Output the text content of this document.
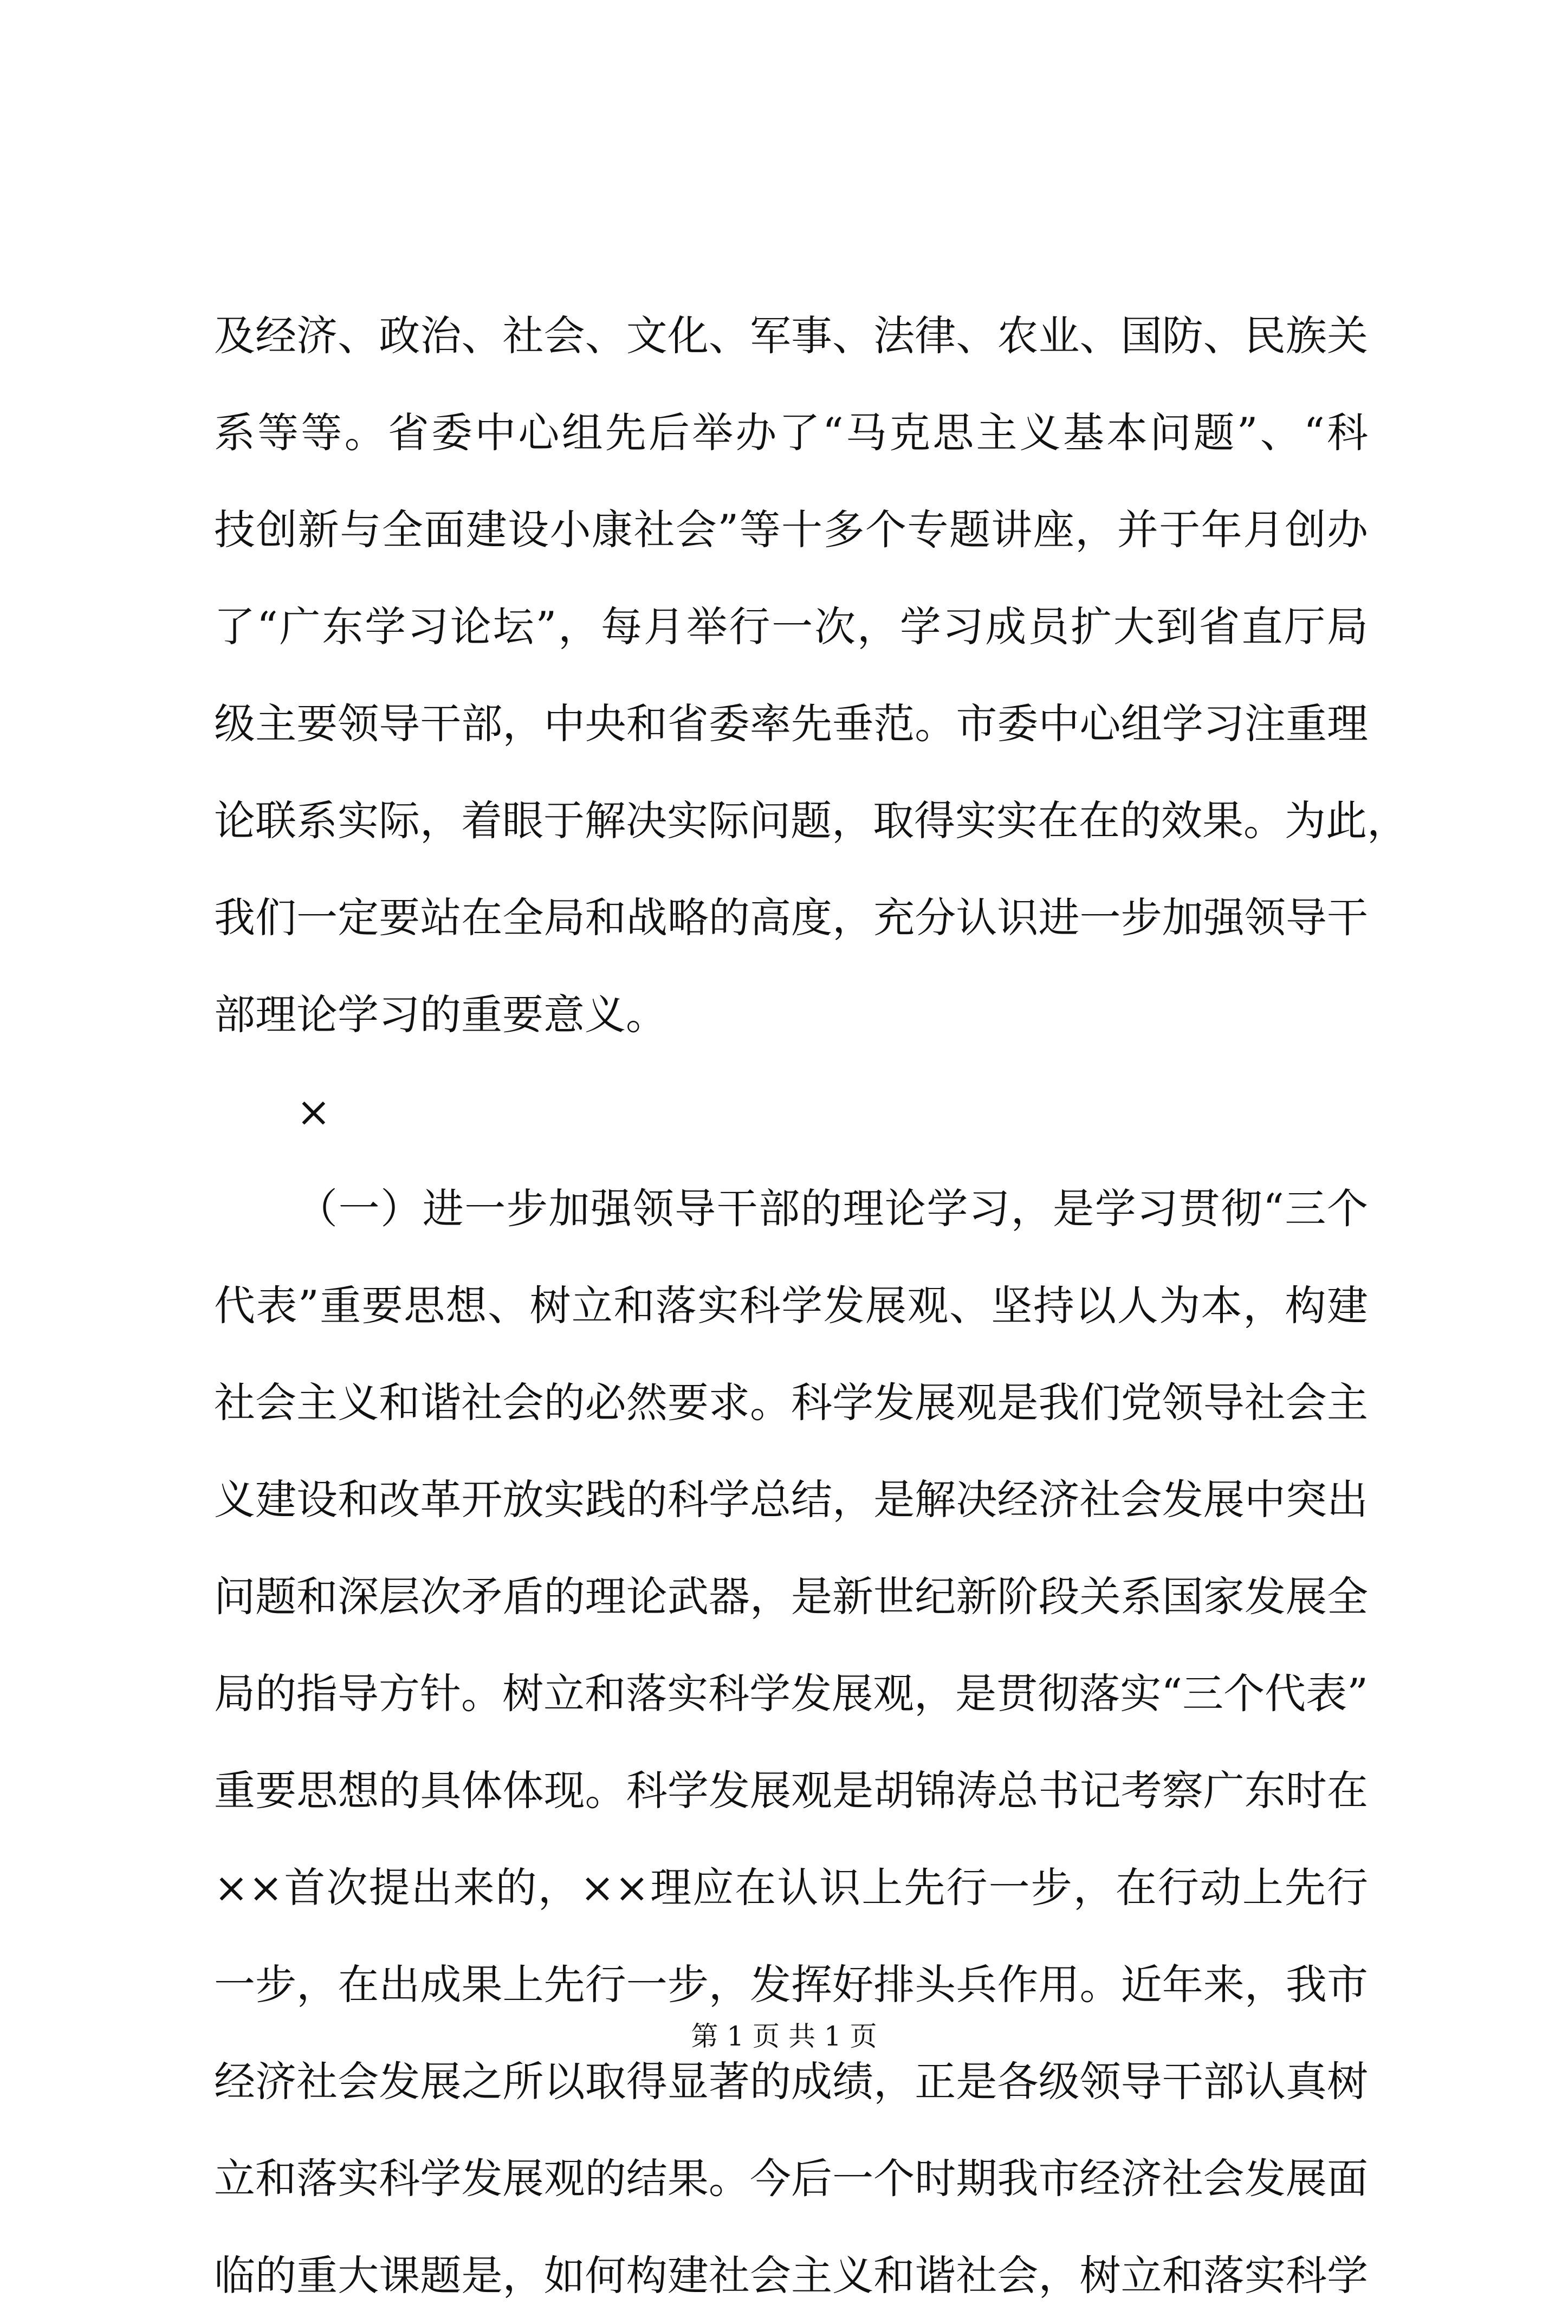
及经济、政治、社会、文化、军事、法律、农业、国防、民族关
系等等。省委中心组先后举办了“马克思主义基本问题”、“科
技创新与全面建设小康社会”等十多个专题讲座，并于年月创办
了“广东学习论坛”，每月举行一次，学习成员扩大到省直厅局
级主要领导干部，中央和省委率先垂范。市委中心组学习注重理
论联系实际，着眼于解决实际问题，取得实实在在的效果。为此，
我们一定要站在全局和战略的高度，充分认识进一步加强领导干
部理论学习的重要意义。
×
（一）进一步加强领导干部的理论学习，是学习贯彻“三个
代表”重要思想、树立和落实科学发展观、坚持以人为本，构建
社会主义和谐社会的必然要求。科学发展观是我们党领导社会主
义建设和改革开放实践的科学总结，是解决经济社会发展中突出
问题和深层次矛盾的理论武器，是新世纪新阶段关系国家发展全
局的指导方针。树立和落实科学发展观，是贯彻落实“三个代表”
重要思想的具体体现。科学发展观是胡锦涛总书记考察广东时在
××首次提出来的，××理应在认识上先行一步，在行动上先行
一步，在出成果上先行一步，发挥好排头兵作用。近年来，我市
经济社会发展之所以取得显著的成绩，正是各级领导干部认真树
立和落实科学发展观的结果。今后一个时期我市经济社会发展面
临的重大课题是，如何构建社会主义和谐社会，树立和落实科学
第 1 页 共 1 页
